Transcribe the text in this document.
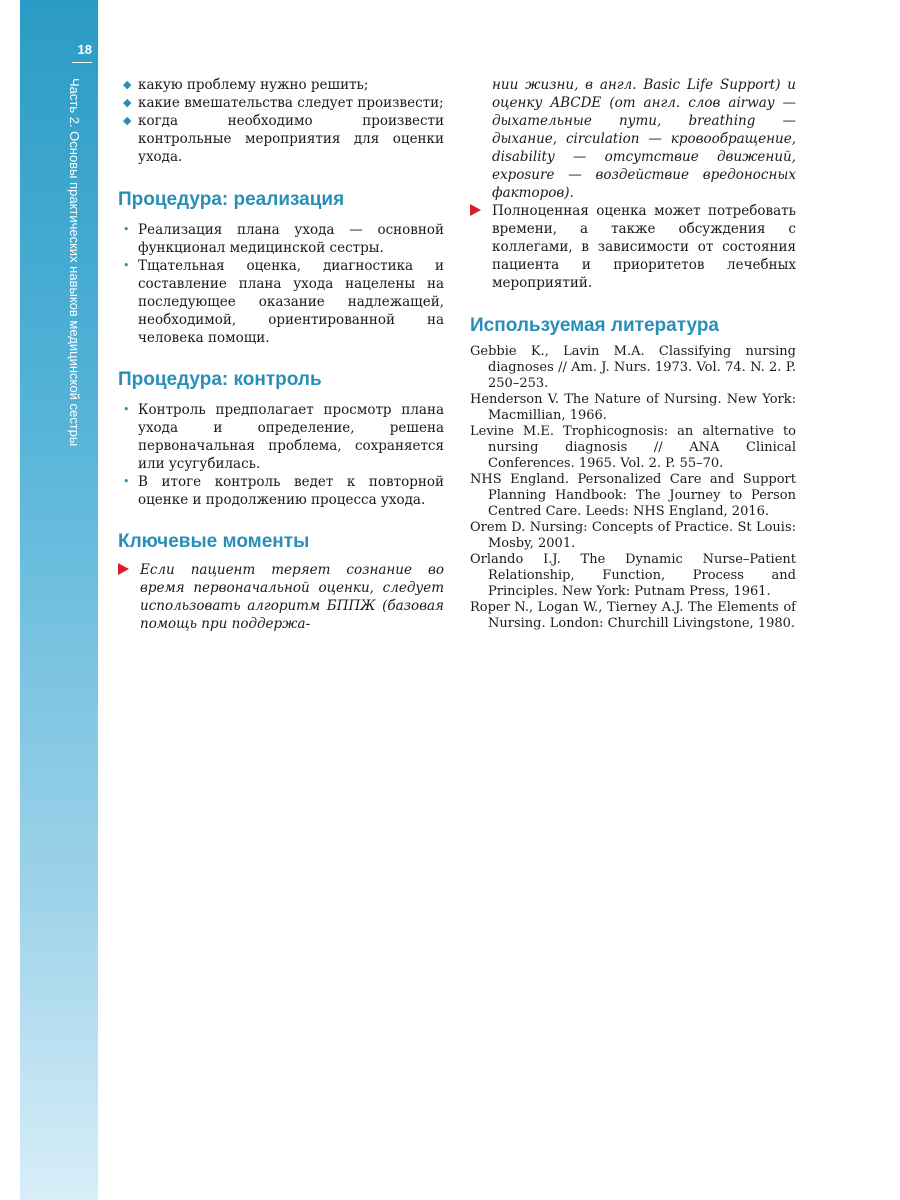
18
Часть 2. Основы практических навыков медицинской сестры	◆ какую проблему нужно решить;
◆ какие вмешательства следует произвести;
◆ когда необходимо произвести контрольные мероприятия для оценки ухода.
Процедура: реализация
• Реализация плана ухода — основной функционал медицинской сестры.
• Тщательная оценка, диагностика и составление плана ухода нацелены на последующее оказание надлежащей, необходимой, ориентированной на человека помощи.
Процедура: контроль
• Контроль предполагает просмотр плана ухода и определение, решена первоначальная проблема, сохраняется или усугубилась.
• В итоге контроль ведет к повторной оценке и продолжению процесса ухода.
Ключевые моменты
Если пациент теряет сознание во время первоначальной оценки, следует использовать алгоритм БППЖ (базовая помощь при поддержа-

нии жизни, в англ. Basic Life Support) и оценку ABCDE (от англ. слов airway — дыхательные пути, breathing — дыхание, circulation — кровообращение, disability — отсутствие движений, exposure — воздействие вредоносных факторов).

Полноценная оценка может потребовать времени, а также обсуждения с коллегами, в зависимости от состояния пациента и приоритетов лечебных мероприятий.
Используемая литература

Gebbie K., Lavin M.A. Classifying nursing diagnoses // Am. J. Nurs. 1973. Vol. 74. N. 2. P. 250–253.

Henderson V. The Nature of Nursing. New York: Macmillian, 1966.

Levine M.E. Trophicognosis: an alternative to nursing diagnosis // ANA Clinical Conferences. 1965. Vol. 2. P. 55–70.

NHS England. Personalized Care and Support Planning Handbook: The Journey to Person Centred Care. Leeds: NHS England, 2016.

Orem D. Nursing: Concepts of Practice. St Louis: Mosby, 2001.

Orlando I.J. The Dynamic Nurse–Patient Relationship, Function, Process and Principles. New York: Putnam Press, 1961.

Roper N., Logan W., Tierney A.J. The Elements of Nursing. London: Churchill Livingstone, 1980.
